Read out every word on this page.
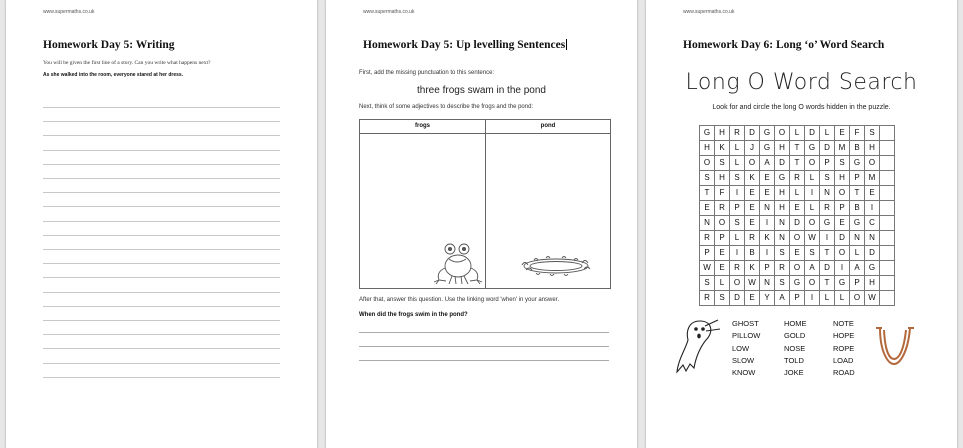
www.supermaths.co.uk
Homework Day 5: Writing
You will be given the first line of a story. Can you write what happens next?
As she walked into the room, everyone stared at her dress.
www.supermaths.co.uk
Homework Day 5: Up levelling Sentences
First, add the missing punctuation to this sentence:
three frogs swam in the pond
Next, think of some adjectives to describe the frogs and the pond:
frogs	pond
After that, answer this question. Use the linking word 'when' in your answer.
When did the frogs swim in the pond?
www.supermaths.co.uk
Homework Day 6: Long ‘o’ Word Search
Long O Word Search
Look for and circle the long O words hidden in the puzzle.
G	H	R	D	G	O	L	D	L	E	F	S
H	K	L	J	G	H	T	G	D	M	B	H
O	S	L	O	A	D	T	O	P	S	G	O
S	H	S	K	E	G	R	L	S	H	P	M
T	F	I	E	E	H	L	I	N	O	T	E
E	R	P	E	N	H	E	L	R	P	B	I
N	O	S	E	I	N	D	O	G	E	G	C
R	P	L	R	K	N	O	W	I	D	N	N
P	E	I	B	I	S	E	S	T	O	L	D
W	E	R	K	P	R	O	A	D	I	A	G
S	L	O	W	N	S	G	O	T	G	P	H
R	S	D	E	Y	A	P	I	L	L	O	W
GHOST
PILLOW
LOW
SLOW
KNOW
HOME
GOLD
NOSE
TOLD
JOKE
NOTE
HOPE
ROPE
LOAD
ROAD
